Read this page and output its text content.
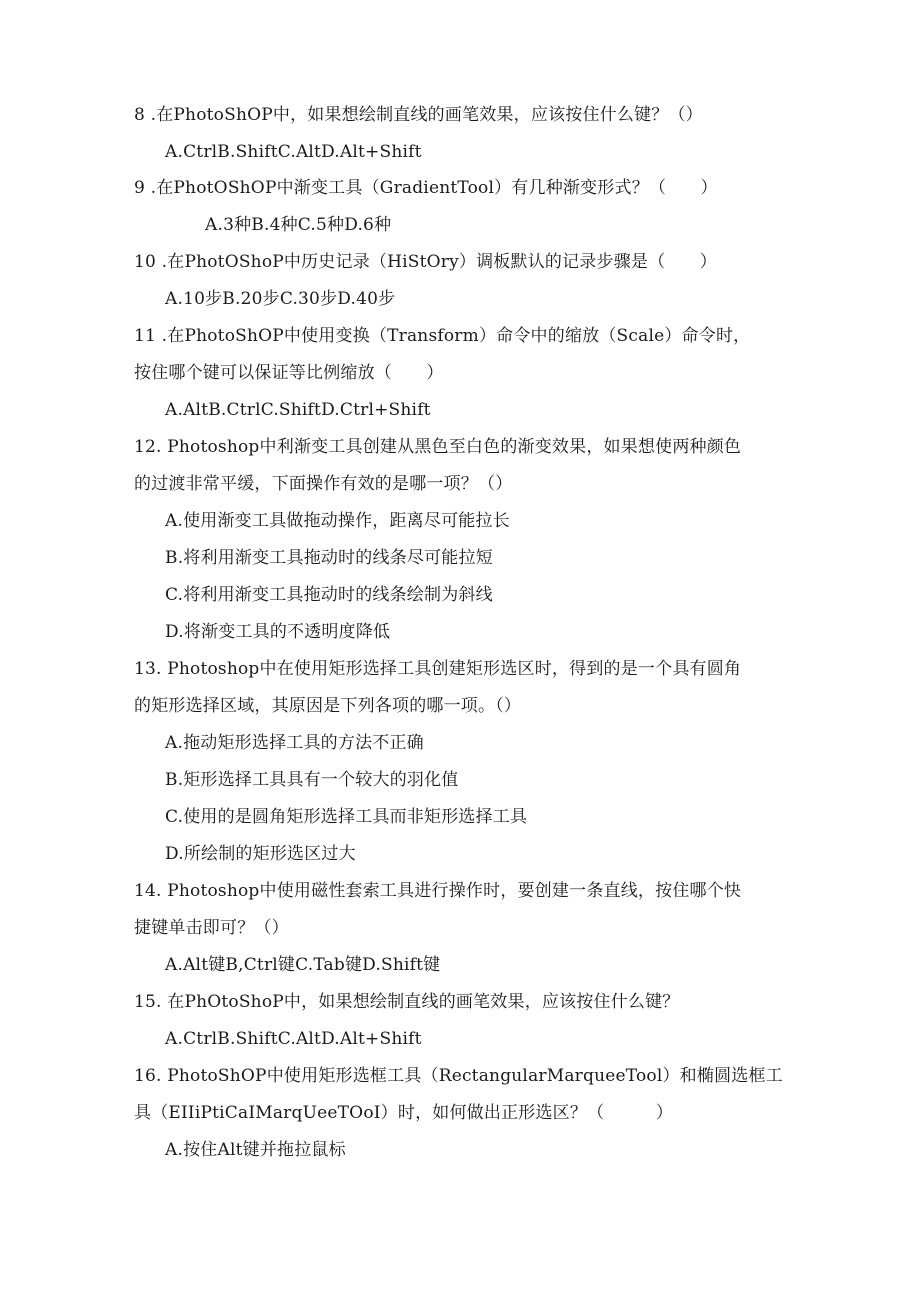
8 .在PhotoShOP中，如果想绘制直线的画笔效果，应该按住什么键？（）
A.CtrlB.ShiftC.AltD.Alt+Shift
9 .在PhotOShOP中渐变工具（GradientTool）有几种渐变形式？（　　）
A.3种B.4种C.5种D.6种
10 .在PhotOShoP中历史记录（HiStOry）调板默认的记录步骤是（　　）
A.10步B.20步C.30步D.40步
11 .在PhotoShOP中使用变换（Transform）命令中的缩放（Scale）命令时，
按住哪个键可以保证等比例缩放（　　）
A.AltB.CtrlC.ShiftD.Ctrl+Shift
12. Photoshop中利渐变工具创建从黑色至白色的渐变效果，如果想使两种颜色
的过渡非常平缓，下面操作有效的是哪一项？（）
A.使用渐变工具做拖动操作，距离尽可能拉长
B.将利用渐变工具拖动时的线条尽可能拉短
C.将利用渐变工具拖动时的线条绘制为斜线
D.将渐变工具的不透明度降低
13. Photoshop中在使用矩形选择工具创建矩形选区时，得到的是一个具有圆角
的矩形选择区域，其原因是下列各项的哪一项。（）
A.拖动矩形选择工具的方法不正确
B.矩形选择工具具有一个较大的羽化值
C.使用的是圆角矩形选择工具而非矩形选择工具
D.所绘制的矩形选区过大
14. Photoshop中使用磁性套索工具进行操作时，要创建一条直线，按住哪个快
捷键单击即可？（）
A.Alt键B,Ctrl键C.Tab键D.Shift键
15. 在PhOtoShoP中，如果想绘制直线的画笔效果，应该按住什么键？
A.CtrlB.ShiftC.AltD.Alt+Shift
16. PhotoShOP中使用矩形选框工具（RectangularMarqueeTool）和椭圆选框工
具（EIIiPtiCaIMarqUeeTOoI）时，如何做出正形选区？（　　　）
A.按住Alt键并拖拉鼠标
